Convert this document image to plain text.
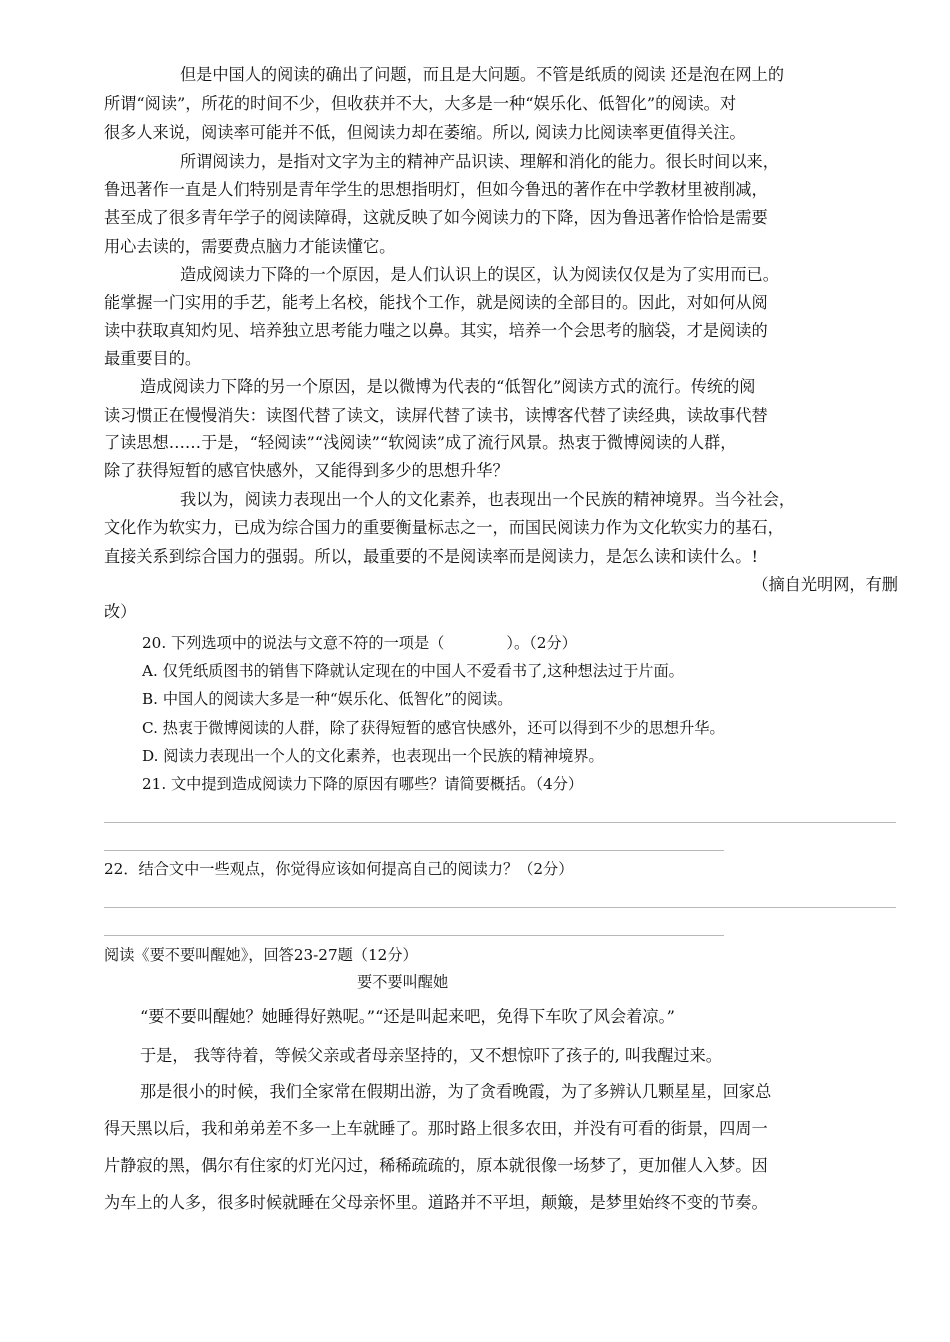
但是中国人的阅读的确出了问题，而且是大问题。不管是纸质的阅读 还是泡在网上的
所谓“阅读”，所花的时间不少，但收获并不大，大多是一种“娱乐化、低智化”的阅读。对
很多人来说，阅读率可能并不低，但阅读力却在萎缩。所以, 阅读力比阅读率更值得关注。
所谓阅读力，是指对文字为主的精神产品识读、理解和消化的能力。很长时间以来，
鲁迅著作一直是人们特别是青年学生的思想指明灯，但如今鲁迅的著作在中学教材里被削减，
甚至成了很多青年学子的阅读障碍，这就反映了如今阅读力的下降，因为鲁迅著作恰恰是需要
用心去读的，需要费点脑力才能读懂它。
造成阅读力下降的一个原因，是人们认识上的误区，认为阅读仅仅是为了实用而已。
能掌握一门实用的手艺，能考上名校，能找个工作，就是阅读的全部目的。因此，对如何从阅
读中获取真知灼见、培养独立思考能力嗤之以鼻。其实，培养一个会思考的脑袋，才是阅读的
最重要目的。
造成阅读力下降的另一个原因，是以微博为代表的“低智化”阅读方式的流行。传统的阅
读习惯正在慢慢消失：读图代替了读文，读屏代替了读书，读博客代替了读经典，读故事代替
了读思想……于是，“轻阅读”“浅阅读”“软阅读”成了流行风景。热衷于微博阅读的人群，
除了获得短暂的感官快感外，又能得到多少的思想升华？
我以为，阅读力表现出一个人的文化素养，也表现出一个民族的精神境界。当今社会，
文化作为软实力，已成为综合国力的重要衡量标志之一，而国民阅读力作为文化软实力的基石，
直接关系到综合国力的强弱。所以，最重要的不是阅读率而是阅读力，是怎么读和读什么。!
（摘自光明网，有删
改）
20. 下列选项中的说法与文意不符的一项是（	）。（2分）
A. 仅凭纸质图书的销售下降就认定现在的中国人不爱看书了,这种想法过于片面。
B. 中国人的阅读大多是一种“娱乐化、低智化”的阅读。
C. 热衷于微博阅读的人群，除了获得短暂的感官快感外，还可以得到不少的思想升华。
D. 阅读力表现出一个人的文化素养，也表现出一个民族的精神境界。
21. 文中提到造成阅读力下降的原因有哪些？请简要概括。（4分）
22．结合文中一些观点，你觉得应该如何提高自己的阅读力？（2分）
阅读《要不要叫醒她》，回答23-27题（12分）
要不要叫醒她
“要不要叫醒她？她睡得好熟呢。”“还是叫起来吧，免得下车吹了风会着凉。”
于是， 我等待着，等候父亲或者母亲坚持的，又不想惊吓了孩子的, 叫我醒过来。
那是很小的时候，我们全家常在假期出游，为了贪看晚霞，为了多辨认几颗星星，回家总
得天黑以后，我和弟弟差不多一上车就睡了。那时路上很多农田，并没有可看的街景，四周一
片静寂的黑，偶尔有住家的灯光闪过，稀稀疏疏的，原本就很像一场梦了，更加催人入梦。因
为车上的人多，很多时候就睡在父母亲怀里。道路并不平坦，颠簸，是梦里始终不变的节奏。
